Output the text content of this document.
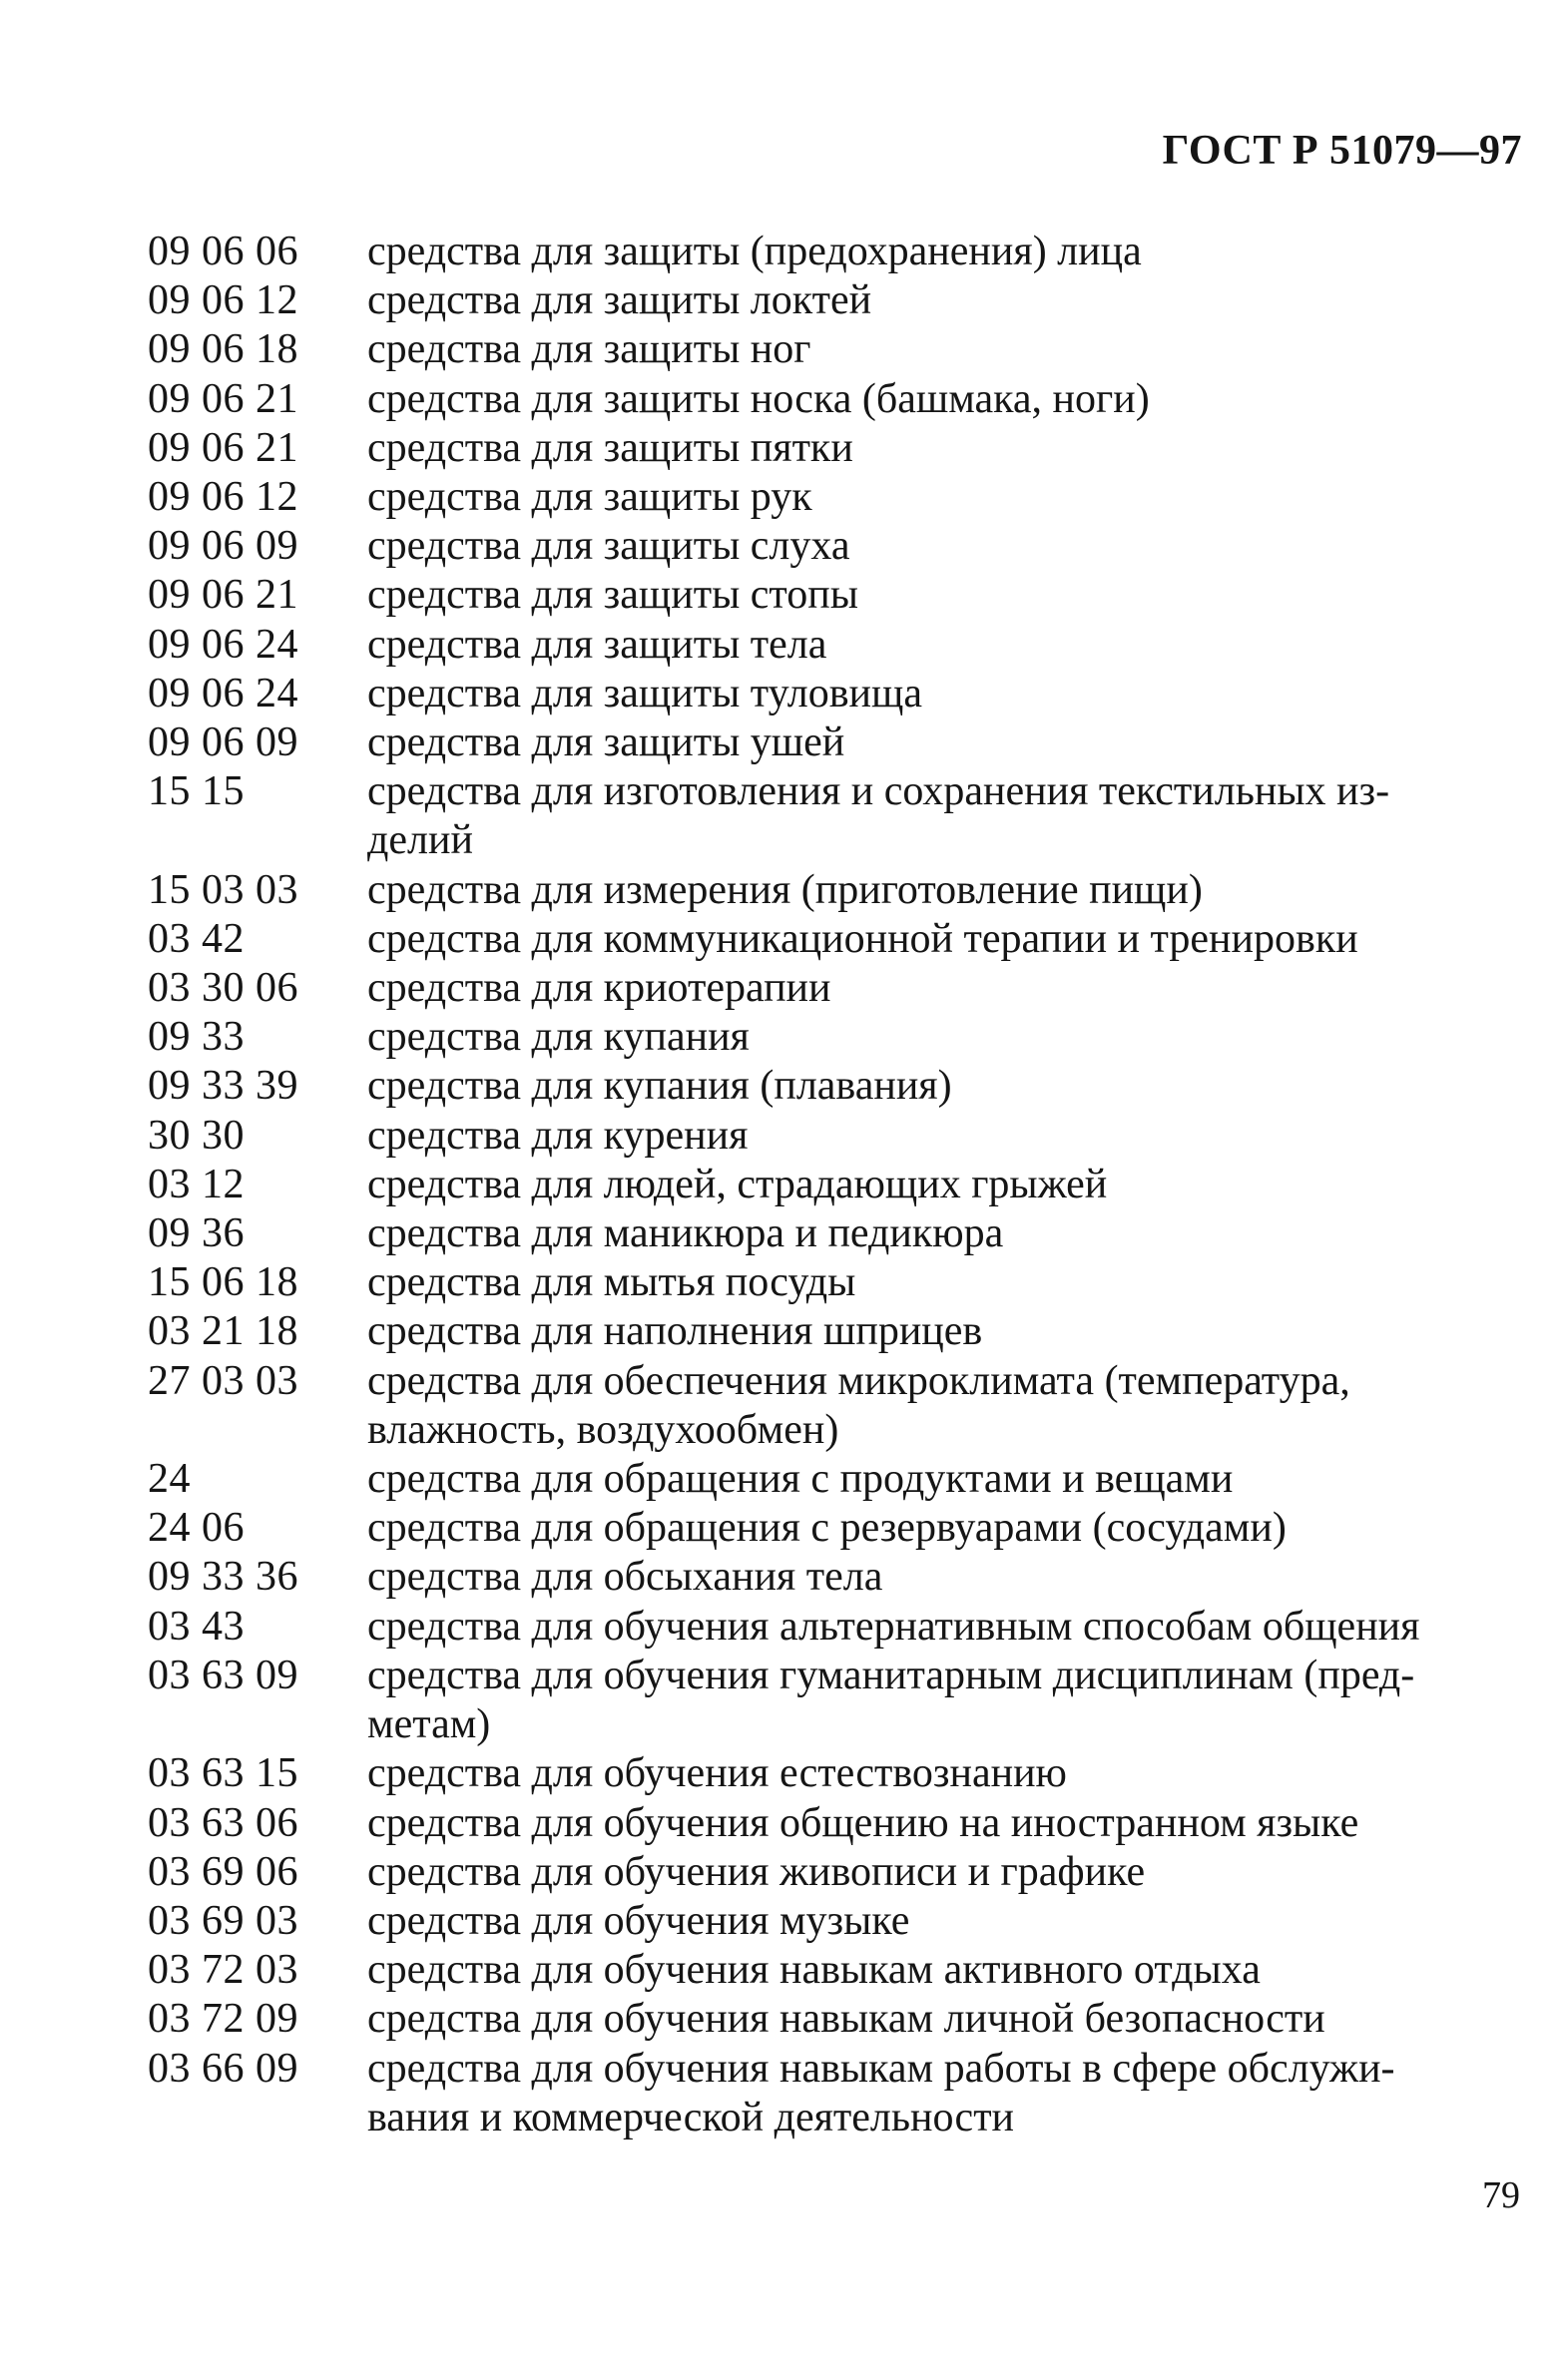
ГОСТ Р 51079—97
09 06 06	средства для защиты (предохранения) лица
09 06 12	средства для защиты локтей
09 06 18	средства для защиты ног
09 06 21	средства для защиты носка (башмака, ноги)
09 06 21	средства для защиты пятки
09 06 12	средства для защиты рук
09 06 09	средства для защиты слуха
09 06 21	средства для защиты стопы
09 06 24	средства для защиты тела
09 06 24	средства для защиты туловища
09 06 09	средства для защиты ушей
15 15	средства для изготовления и сохранения текстильных из-
делий
15 03 03	средства для измерения (приготовление пищи)
03 42	средства для коммуникационной терапии и тренировки
03 30 06	средства для криотерапии
09 33	средства для купания
09 33 39	средства для купания (плавания)
30 30	средства для курения
03 12	средства для людей, страдающих грыжей
09 36	средства для маникюра и педикюра
15 06 18	средства для мытья посуды
03 21 18	средства для наполнения шприцев
27 03 03	средства для обеспечения микроклимата (температура,
влажность, воздухообмен)
24	средства для обращения с продуктами и вещами
24 06	средства для обращения с резервуарами (сосудами)
09 33 36	средства для обсыхания тела
03 43	средства для обучения альтернативным способам общения
03 63 09	средства для обучения гуманитарным дисциплинам (пред-
метам)
03 63 15	средства для обучения естествознанию
03 63 06	средства для обучения общению на иностранном языке
03 69 06	средства для обучения живописи и графике
03 69 03	средства для обучения музыке
03 72 03	средства для обучения навыкам активного отдыха
03 72 09	средства для обучения навыкам личной безопасности
03 66 09	средства для обучения навыкам работы в сфере обслужи-
вания и коммерческой деятельности
79
